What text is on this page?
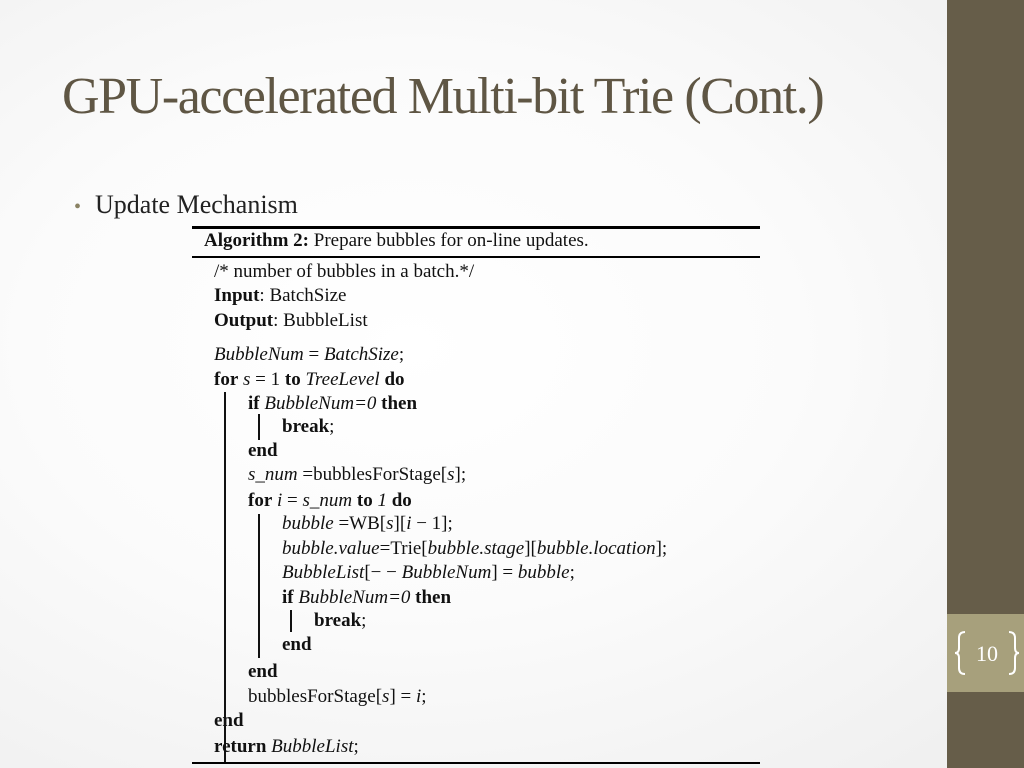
10
GPU-accelerated Multi-bit Trie (Cont.)
• Update Mechanism
Algorithm 2: Prepare bubbles for on-line updates.
/* number of bubbles in a batch.*/
Input: BatchSize
Output: BubbleList
BubbleNum = BatchSize;
for s = 1 to TreeLevel do
if BubbleNum=0 then
break;
end
s_num =bubblesForStage[s];
for i = s_num to 1 do
bubble =WB[s][i − 1];
bubble.value=Trie[bubble.stage][bubble.location];
BubbleList[− − BubbleNum] = bubble;
if BubbleNum=0 then
break;
end
end
bubblesForStage[s] = i;
end
return BubbleList;
